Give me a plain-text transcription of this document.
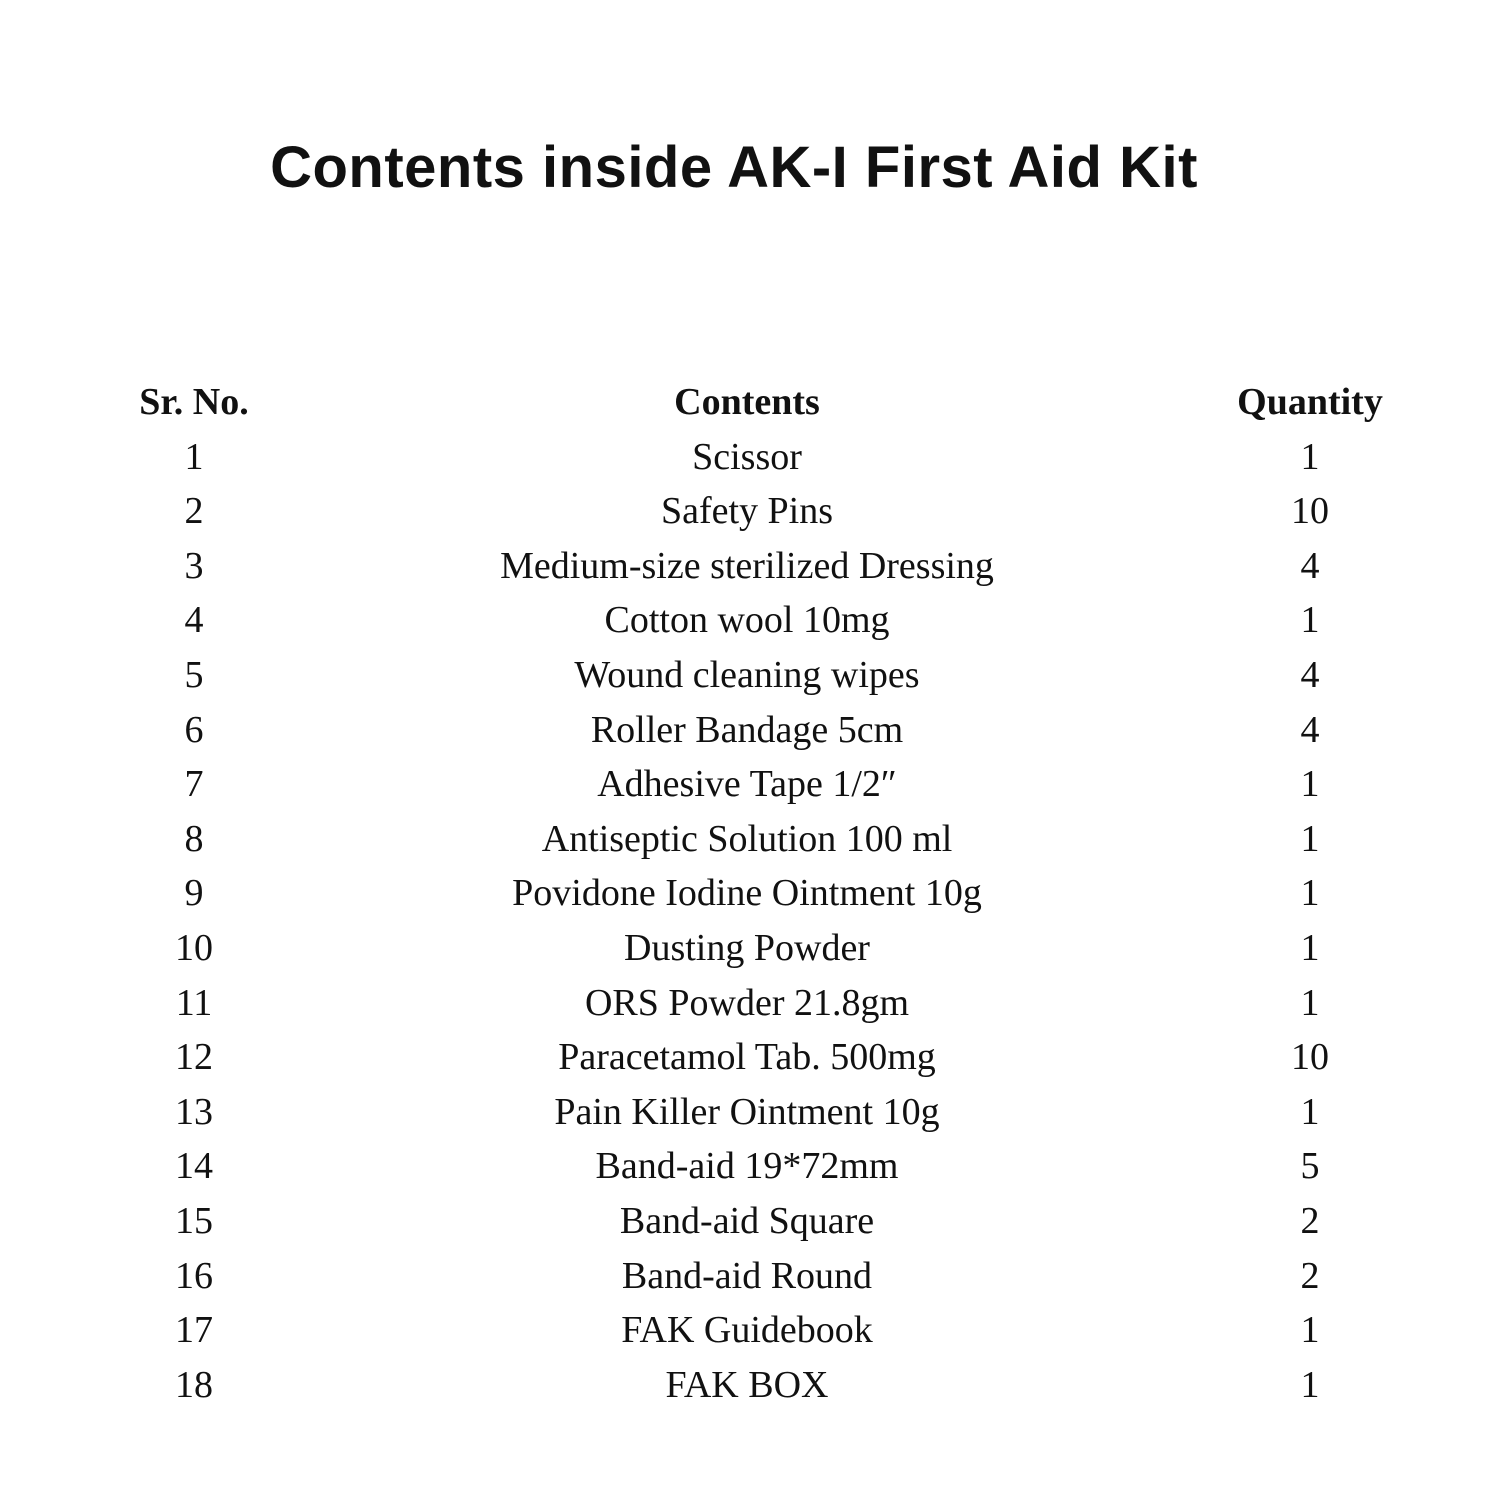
Contents inside AK-I First Aid Kit
Sr. No.	Contents	Quantity
1	Scissor	1
2	Safety Pins	10
3	Medium-size sterilized Dressing	4
4	Cotton wool 10mg	1
5	Wound cleaning wipes	4
6	Roller Bandage 5cm	4
7	Adhesive Tape 1/2″	1
8	Antiseptic Solution 100 ml	1
9	Povidone Iodine Ointment 10g	1
10	Dusting Powder	1
11	ORS Powder 21.8gm	1
12	Paracetamol Tab. 500mg	10
13	Pain Killer Ointment 10g	1
14	Band-aid 19*72mm	5
15	Band-aid Square	2
16	Band-aid Round	2
17	FAK Guidebook	1
18	FAK BOX	1
